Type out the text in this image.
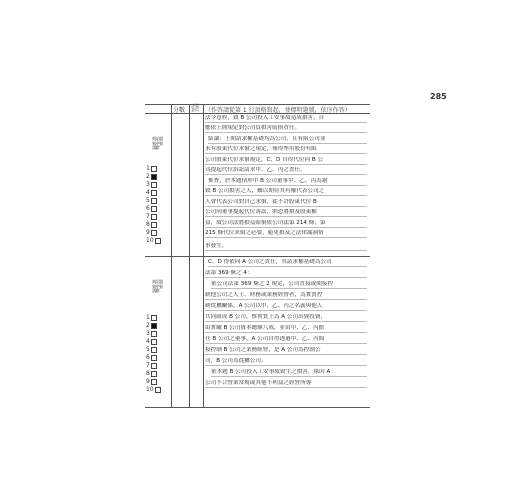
285
分數
評閱委員	（作答請從第 1 行頂格寫起，並標明題號，依序作答）
刻記題號序號請劃
1
2
3
4
5
6
7
8
9
10
刻記題號序號請劃
1
2
3
4
5
6
7
8
9
10
法令意程，致 B 公司投入工安事故造成損害，自
應依上開規定對公司負損害賠償責任。
結論：上開請求權基礎均為公司，且有限公司並
未有股東代位求償之規定，僅得準用股份有限
公司股東代位求償規定，C、D 自得代位向 B 公
司提起代位訴訟請求甲、乙、丙之責任。
惟查，於本題情形中 B 公司董事甲、乙、丙為謝
致 B 公司損害之人，難以期待其有權代表公司之
人會代表公司對自己求償，從不許股東代位 B
公司向董事提起代位訴訟，則恐將損及股東權
益，故公司法將損益賠償依公司法第 214 條，第
215 條代位求償之必要，避免損及之法律漏洞情
事發生。
C、D 得依向 A 公司之責任，其請求權基礎為公司
法第 369 條之 4：
依公司法第 369 條之 2 規定，公司直接或間接控
制他公司之人士、財務或業務經營者，為實質控
制從屬關係，A 公司以甲、乙、丙之名義與他人
共同組成 B 公司，惟實質上為 A 公司出資投資，
由實繳 B 公司資本總額八成，並由甲、乙、丙擔
任 B 公司之董事，A 公司自得透過甲、乙、丙間
接控制 B 公司之業務經營，是 A 公司為控制公
司，B 公司為從屬公司。
依本題 B 公司投入工安事故致生之損害，係因 A
公司不合營業常規或其他不利益之經營所導
